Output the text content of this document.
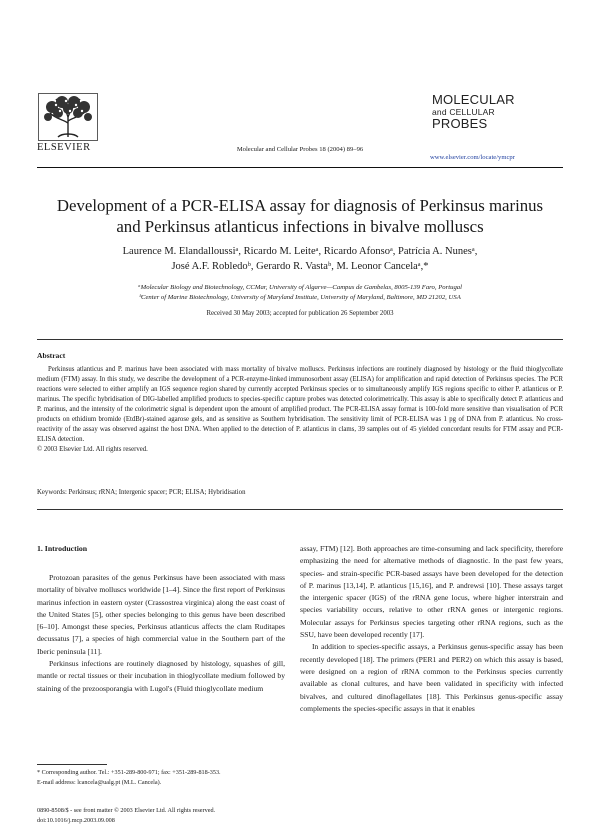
ELSEVIER	Molecular and Cellular Probes 18 (2004) 89–96
MOLECULAR
and CELLULAR
PROBES
www.elsevier.com/locate/ymcpr
Development of a PCR-ELISA assay for diagnosis of Perkinsus marinus
and Perkinsus atlanticus infections in bivalve molluscs
Laurence M. Elandalloussiᵃ, Ricardo M. Leiteᵃ, Ricardo Afonsoᵃ, Patrícia A. Nunesᵃ,
José A.F. Robledoᵇ, Gerardo R. Vastaᵇ, M. Leonor Cancelaᵃ,*
ᵃMolecular Biology and Biotechnology, CCMar, University of Algarve—Campus de Gambelas, 8005-139 Faro, Portugal
ᵇCenter of Marine Biotechnology, University of Maryland Institute, University of Maryland, Baltimore, MD 21202, USA
Received 30 May 2003; accepted for publication 26 September 2003
Abstract

Perkinsus atlanticus and P. marinus have been associated with mass mortality of bivalve molluscs. Perkinsus infections are routinely diagnosed by histology or the fluid thioglycollate medium (FTM) assay. In this study, we describe the development of a PCR-enzyme-linked immunosorbent assay (ELISA) for amplification and rapid detection of Perkinsus species. The PCR reactions were selected to either amplify an IGS sequence region shared by currently accepted Perkinsus species or to simultaneously amplify IGS regions specific to either P. atlanticus or P. marinus. The specific hybridisation of DIG-labelled amplified products to species-specific capture probes was detected colorimetrically. This assay is able to specifically detect P. atlanticus and P. marinus, and the intensity of the colorimetric signal is dependent upon the amount of amplified product. The PCR-ELISA assay format is 100-fold more sensitive than visualisation of PCR products on ethidium bromide (EtdBr)-stained agarose gels, and as sensitive as Southern hybridisation. The sensitivity limit of PCR-ELISA was 1 pg of DNA from P. atlanticus. No cross-reactivity of the assay was observed against the host DNA. When applied to the detection of P. atlanticus in clams, 39 samples out of 45 yielded concordant results for FTM assay and PCR-ELISA detection.

© 2003 Elsevier Ltd. All rights reserved.

Keywords: Perkinsus; rRNA; Intergenic spacer; PCR; ELISA; Hybridisation
1. Introduction

Protozoan parasites of the genus Perkinsus have been associated with mass mortality of bivalve molluscs worldwide [1–4]. Since the first report of Perkinsus marinus infection in eastern oyster (Crassostrea virginica) along the east coast of the United States [5], other species belonging to this genus have been described [6–10]. Amongst these species, Perkinsus atlanticus affects the clam Ruditapes decussatus [7], a species of high commercial value in the Southern part of the Iberic peninsula [11].

Perkinsus infections are routinely diagnosed by histology, squashes of gill, mantle or rectal tissues or their incubation in thioglycollate medium followed by staining of the prezoosporangia with Lugol's (Fluid thioglycollate medium

assay, FTM) [12]. Both approaches are time-consuming and lack specificity, therefore emphasizing the need for alternative methods of diagnostic. In the past few years, species- and strain-specific PCR-based assays have been developed for the detection of P. marinus [13,14], P. atlanticus [15,16], and P. andrewsi [10]. These assays target the intergenic spacer (IGS) of the rRNA gene locus, where higher interstrain and species variability occurs, relative to other rRNA genes or intergenic regions. Molecular assays for Perkinsus species targeting other rRNA regions, such as the SSU, have been developed recently [17].

In addition to species-specific assays, a Perkinsus genus-specific assay has been recently developed [18]. The primers (PER1 and PER2) on which this assay is based, were designed on a region of rRNA common to the Perkinsus species currently available as clonal cultures, and have been validated in specificity with infected bivalves, and cultured dinoflagellates [18]. This Perkinsus genus-specific assay complements the species-specific assays in that it enables

* Corresponding author. Tel.: +351-289-800-971; fax: +351-289-818-353.

E-mail address: lcancela@ualg.pt (M.L. Cancela).

0890-8508/$ - see front matter © 2003 Elsevier Ltd. All rights reserved.
doi:10.1016/j.mcp.2003.09.008
